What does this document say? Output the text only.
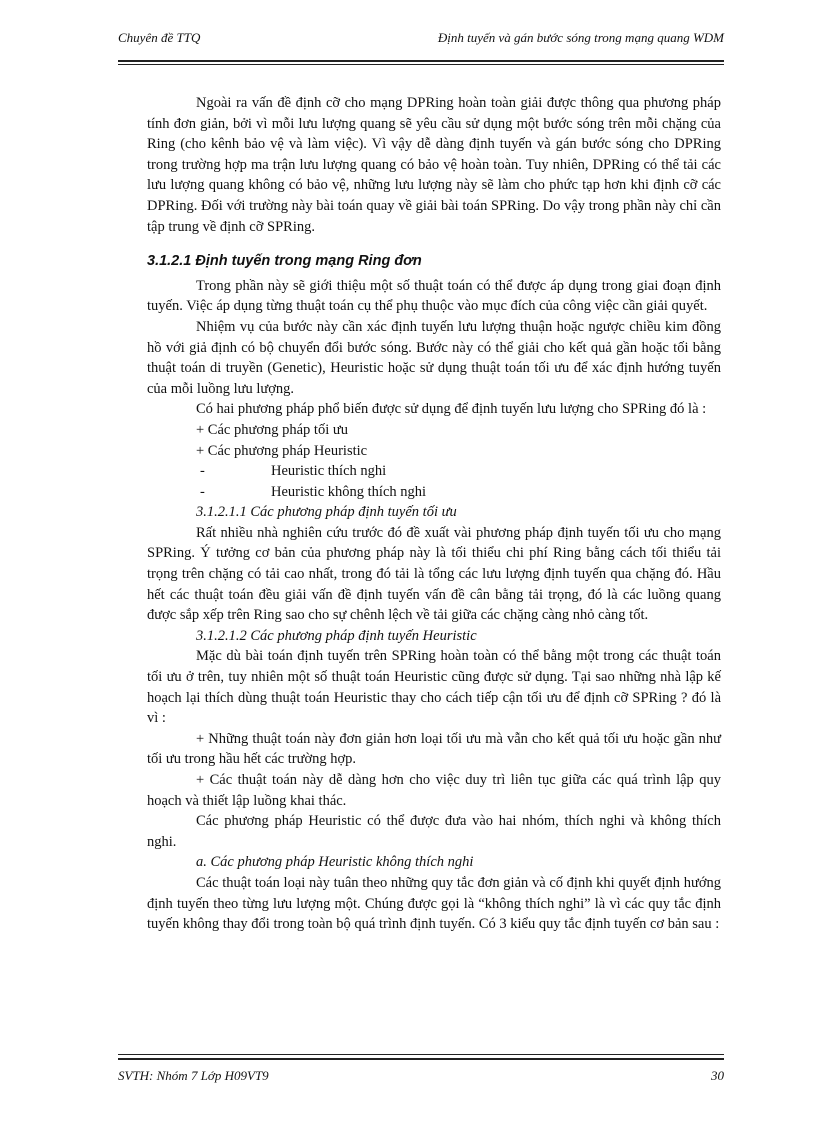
Chuyên đề TTQ	Định tuyến và gán bước sóng trong mạng quang WDM

Ngoài ra vấn đề định cỡ cho mạng DPRing hoàn toàn giải được thông qua phương pháp tính đơn giản, bởi vì mỗi lưu lượng quang sẽ yêu cầu sử dụng một bước sóng trên mỗi chặng của Ring (cho kênh bảo vệ và làm việc). Vì vậy dễ dàng định tuyến và gán bước sóng cho DPRing trong trường hợp ma trận lưu lượng quang có bảo vệ hoàn toàn. Tuy nhiên, DPRing có thể tải các lưu lượng quang không có bảo vệ, những lưu lượng này sẽ làm cho phức tạp hơn khi định cỡ các DPRing. Đối với trường này bài toán quay về giải bài toán SPRing. Do vậy trong phần này chỉ cần tập trung về định cỡ SPRing.

3.1.2.1 Định tuyến trong mạng Ring đơn

Trong phần này sẽ giới thiệu một số thuật toán có thể được áp dụng trong giai đoạn định tuyến. Việc áp dụng từng thuật toán cụ thể phụ thuộc vào mục đích của công việc cần giải quyết.

Nhiệm vụ của bước này cần xác định tuyến lưu lượng thuận hoặc ngược chiều kim đồng hồ với giả định có bộ chuyển đổi bước sóng. Bước này có thể giải cho kết quả gần hoặc tối bằng thuật toán di truyền (Genetic), Heuristic hoặc sử dụng thuật toán tối ưu để xác định hướng tuyến của mỗi luồng lưu lượng.

Có hai phương pháp phổ biến được sử dụng để định tuyến lưu lượng cho SPRing đó là :

+ Các phương pháp tối ưu

+ Các phương pháp Heuristic

-	Heuristic thích nghi

-	Heuristic không thích nghi

3.1.2.1.1 Các phương pháp định tuyến tối ưu

Rất nhiều nhà nghiên cứu trước đó đề xuất vài phương pháp định tuyến tối ưu cho mạng SPRing. Ý tưởng cơ bản của phương pháp này là tối thiểu chi phí Ring bằng cách tối thiểu tải trọng trên chặng có tải cao nhất, trong đó tải là tổng các lưu lượng định tuyến qua chặng đó. Hầu hết các thuật toán đều giải vấn đề định tuyến vấn đề cân bằng tải trọng, đó là các luồng quang được sắp xếp trên Ring sao cho sự chênh lệch về tải giữa các chặng càng nhỏ càng tốt.

3.1.2.1.2 Các phương pháp định tuyến Heuristic

Mặc dù bài toán định tuyến trên SPRing hoàn toàn có thể bằng một trong các thuật toán tối ưu ở trên, tuy nhiên một số thuật toán Heuristic cũng được sử dụng. Tại sao những nhà lập kế hoạch lại thích dùng thuật toán Heuristic thay cho cách tiếp cận tối ưu để định cỡ SPRing ? đó là vì :

+ Những thuật toán này đơn giản hơn loại tối ưu mà vẫn cho kết quả tối ưu hoặc gần như tối ưu trong hầu hết các trường hợp.

+ Các thuật toán này dễ dàng hơn cho việc duy trì liên tục giữa các quá trình lập quy hoạch và thiết lập luồng khai thác.

Các phương pháp Heuristic có thể được đưa vào hai nhóm, thích nghi và không thích nghi.

a. Các phương pháp Heuristic không thích nghi

Các thuật toán loại này tuân theo những quy tắc đơn giản và cố định khi quyết định hướng định tuyến theo từng lưu lượng một. Chúng được gọi là “không thích nghi” là vì các quy tắc định tuyến không thay đổi trong toàn bộ quá trình định tuyến. Có 3 kiểu quy tắc định tuyến cơ bản sau :

SVTH: Nhóm 7 Lớp H09VT9	30
